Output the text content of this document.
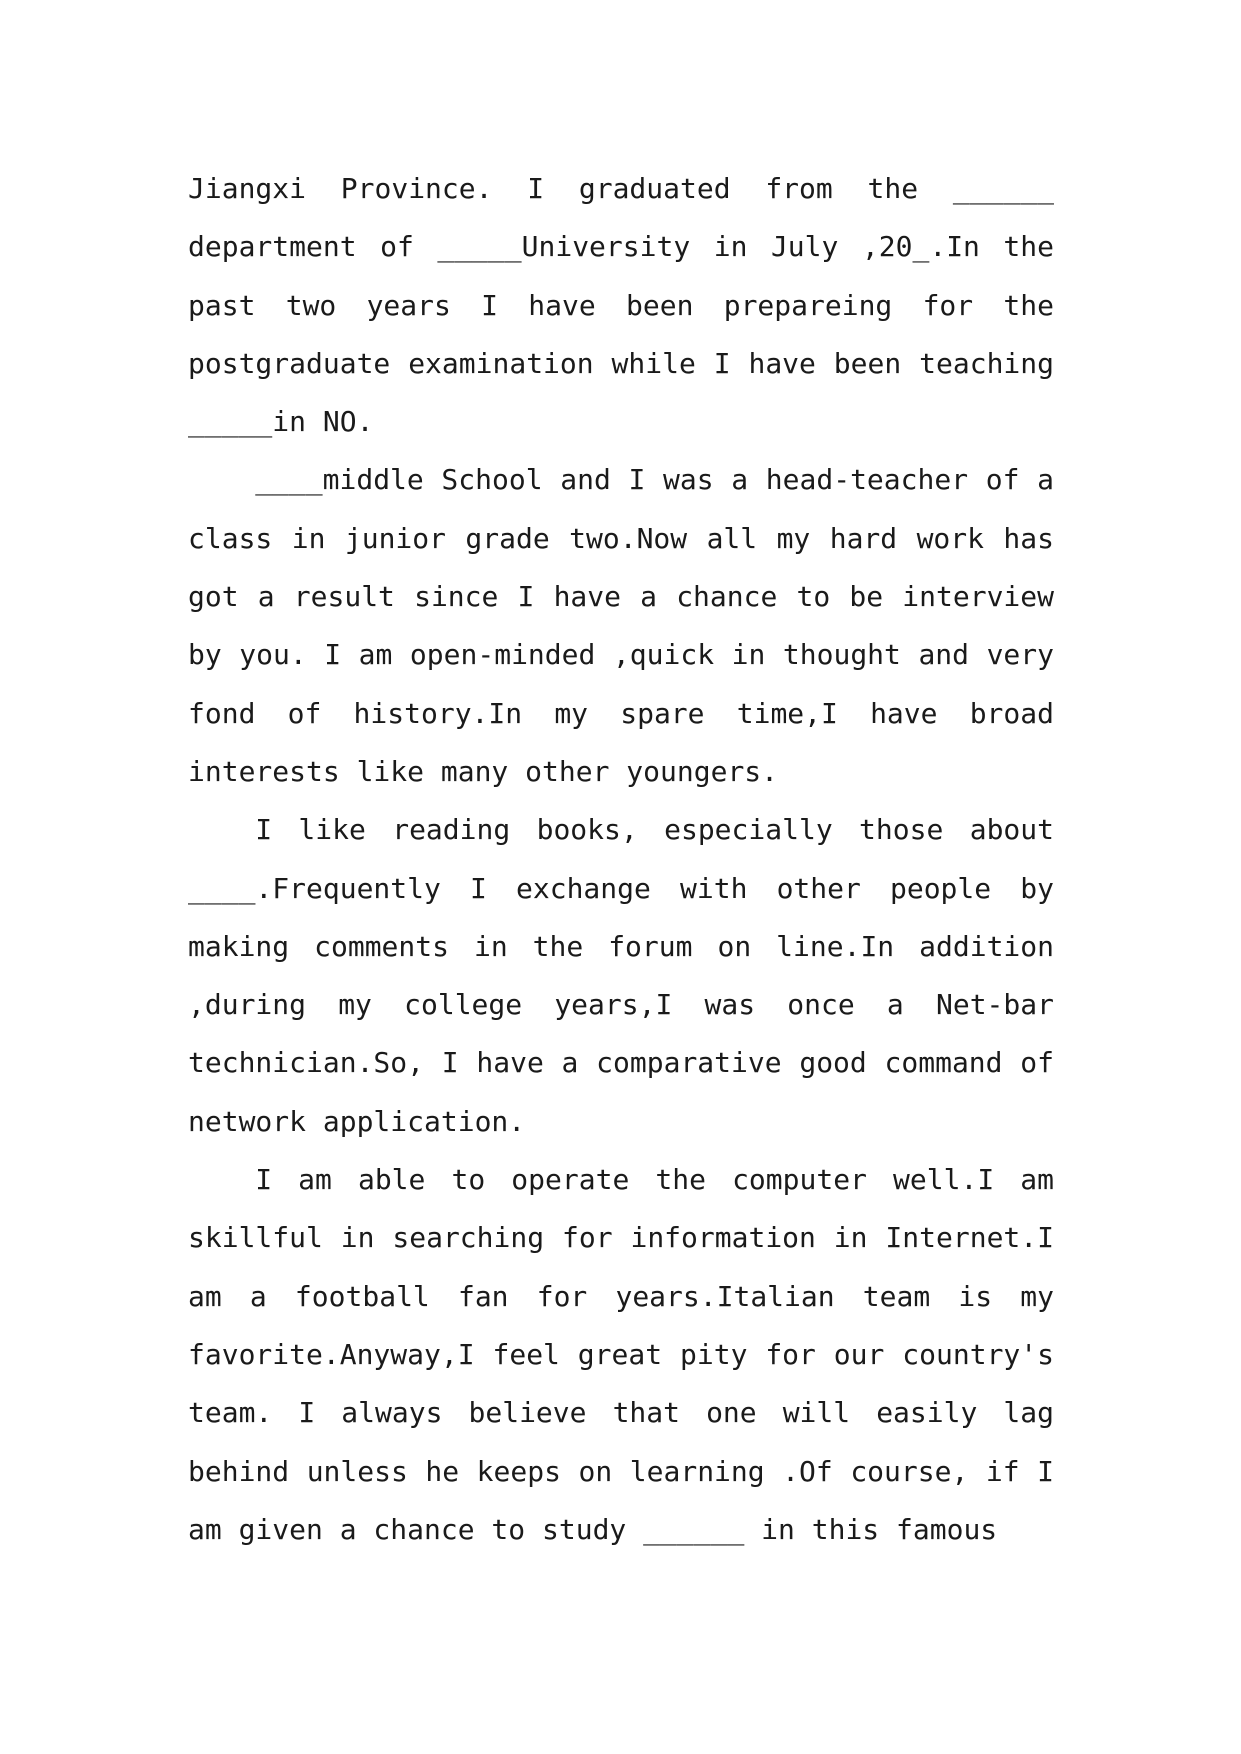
Jiangxi Province. I graduated from the ______ department of _____University in July ,20_.In the past two years I have been prepareing for the postgraduate examination while I have been teaching _____in NO.

____middle School and I was a head-teacher of a class in junior grade two.Now all my hard work has got a result since I have a chance to be interview by you. I am open-minded ,quick in thought and very fond of history.In my spare time,I have broad interests like many other youngers.

I like reading books, especially those about ____.Frequently I exchange with other people by making comments in the forum on line.In addition ,during my college years,I was once a Net-bar technician.So, I have a comparative good command of network application.

I am able to operate the computer well.I am skillful in searching for information in Internet.I am a football fan for years.Italian team is my favorite.Anyway,I feel great pity for our country's team. I always believe that one will easily lag behind unless he keeps on learning .Of course, if I am given a chance to study ______ in this famous
